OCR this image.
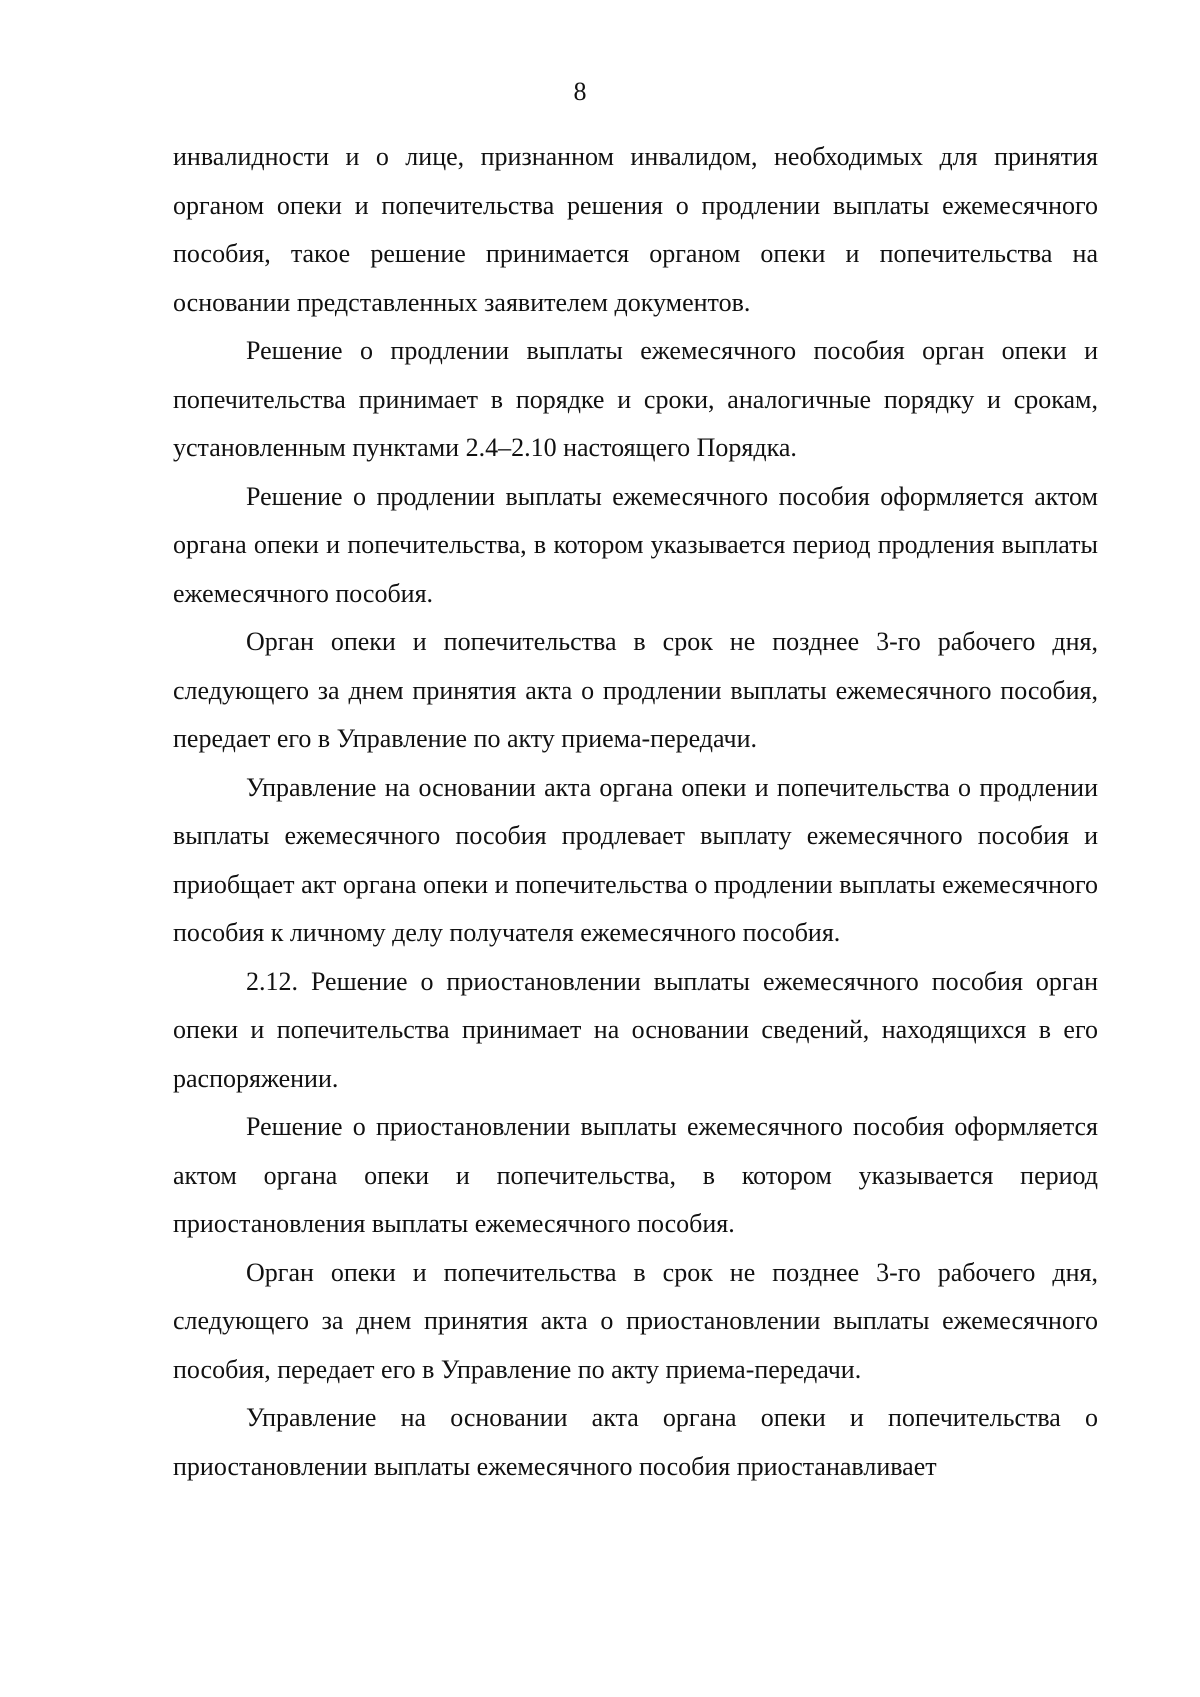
8

инвалидности и о лице, признанном инвалидом, необходимых для принятия органом опеки и попечительства решения о продлении выплаты ежемесячного пособия, такое решение принимается органом опеки и попечительства на основании представленных заявителем документов.

Решение о продлении выплаты ежемесячного пособия орган опеки и попечительства принимает в порядке и сроки, аналогичные порядку и срокам, установленным пунктами 2.4–2.10 настоящего Порядка.

Решение о продлении выплаты ежемесячного пособия оформляется актом органа опеки и попечительства, в котором указывается период продления выплаты ежемесячного пособия.

Орган опеки и попечительства в срок не позднее 3-го рабочего дня, следующего за днем принятия акта о продлении выплаты ежемесячного пособия, передает его в Управление по акту приема-передачи.

Управление на основании акта органа опеки и попечительства о продлении выплаты ежемесячного пособия продлевает выплату ежемесячного пособия и приобщает акт органа опеки и попечительства о продлении выплаты ежемесячного пособия к личному делу получателя ежемесячного пособия.

2.12. Решение о приостановлении выплаты ежемесячного пособия орган опеки и попечительства принимает на основании сведений, находящихся в его распоряжении.

Решение о приостановлении выплаты ежемесячного пособия оформляется актом органа опеки и попечительства, в котором указывается период приостановления выплаты ежемесячного пособия.

Орган опеки и попечительства в срок не позднее 3-го рабочего дня, следующего за днем принятия акта о приостановлении выплаты ежемесячного пособия, передает его в Управление по акту приема-передачи.

Управление на основании акта органа опеки и попечительства о приостановлении выплаты ежемесячного пособия приостанавливает
